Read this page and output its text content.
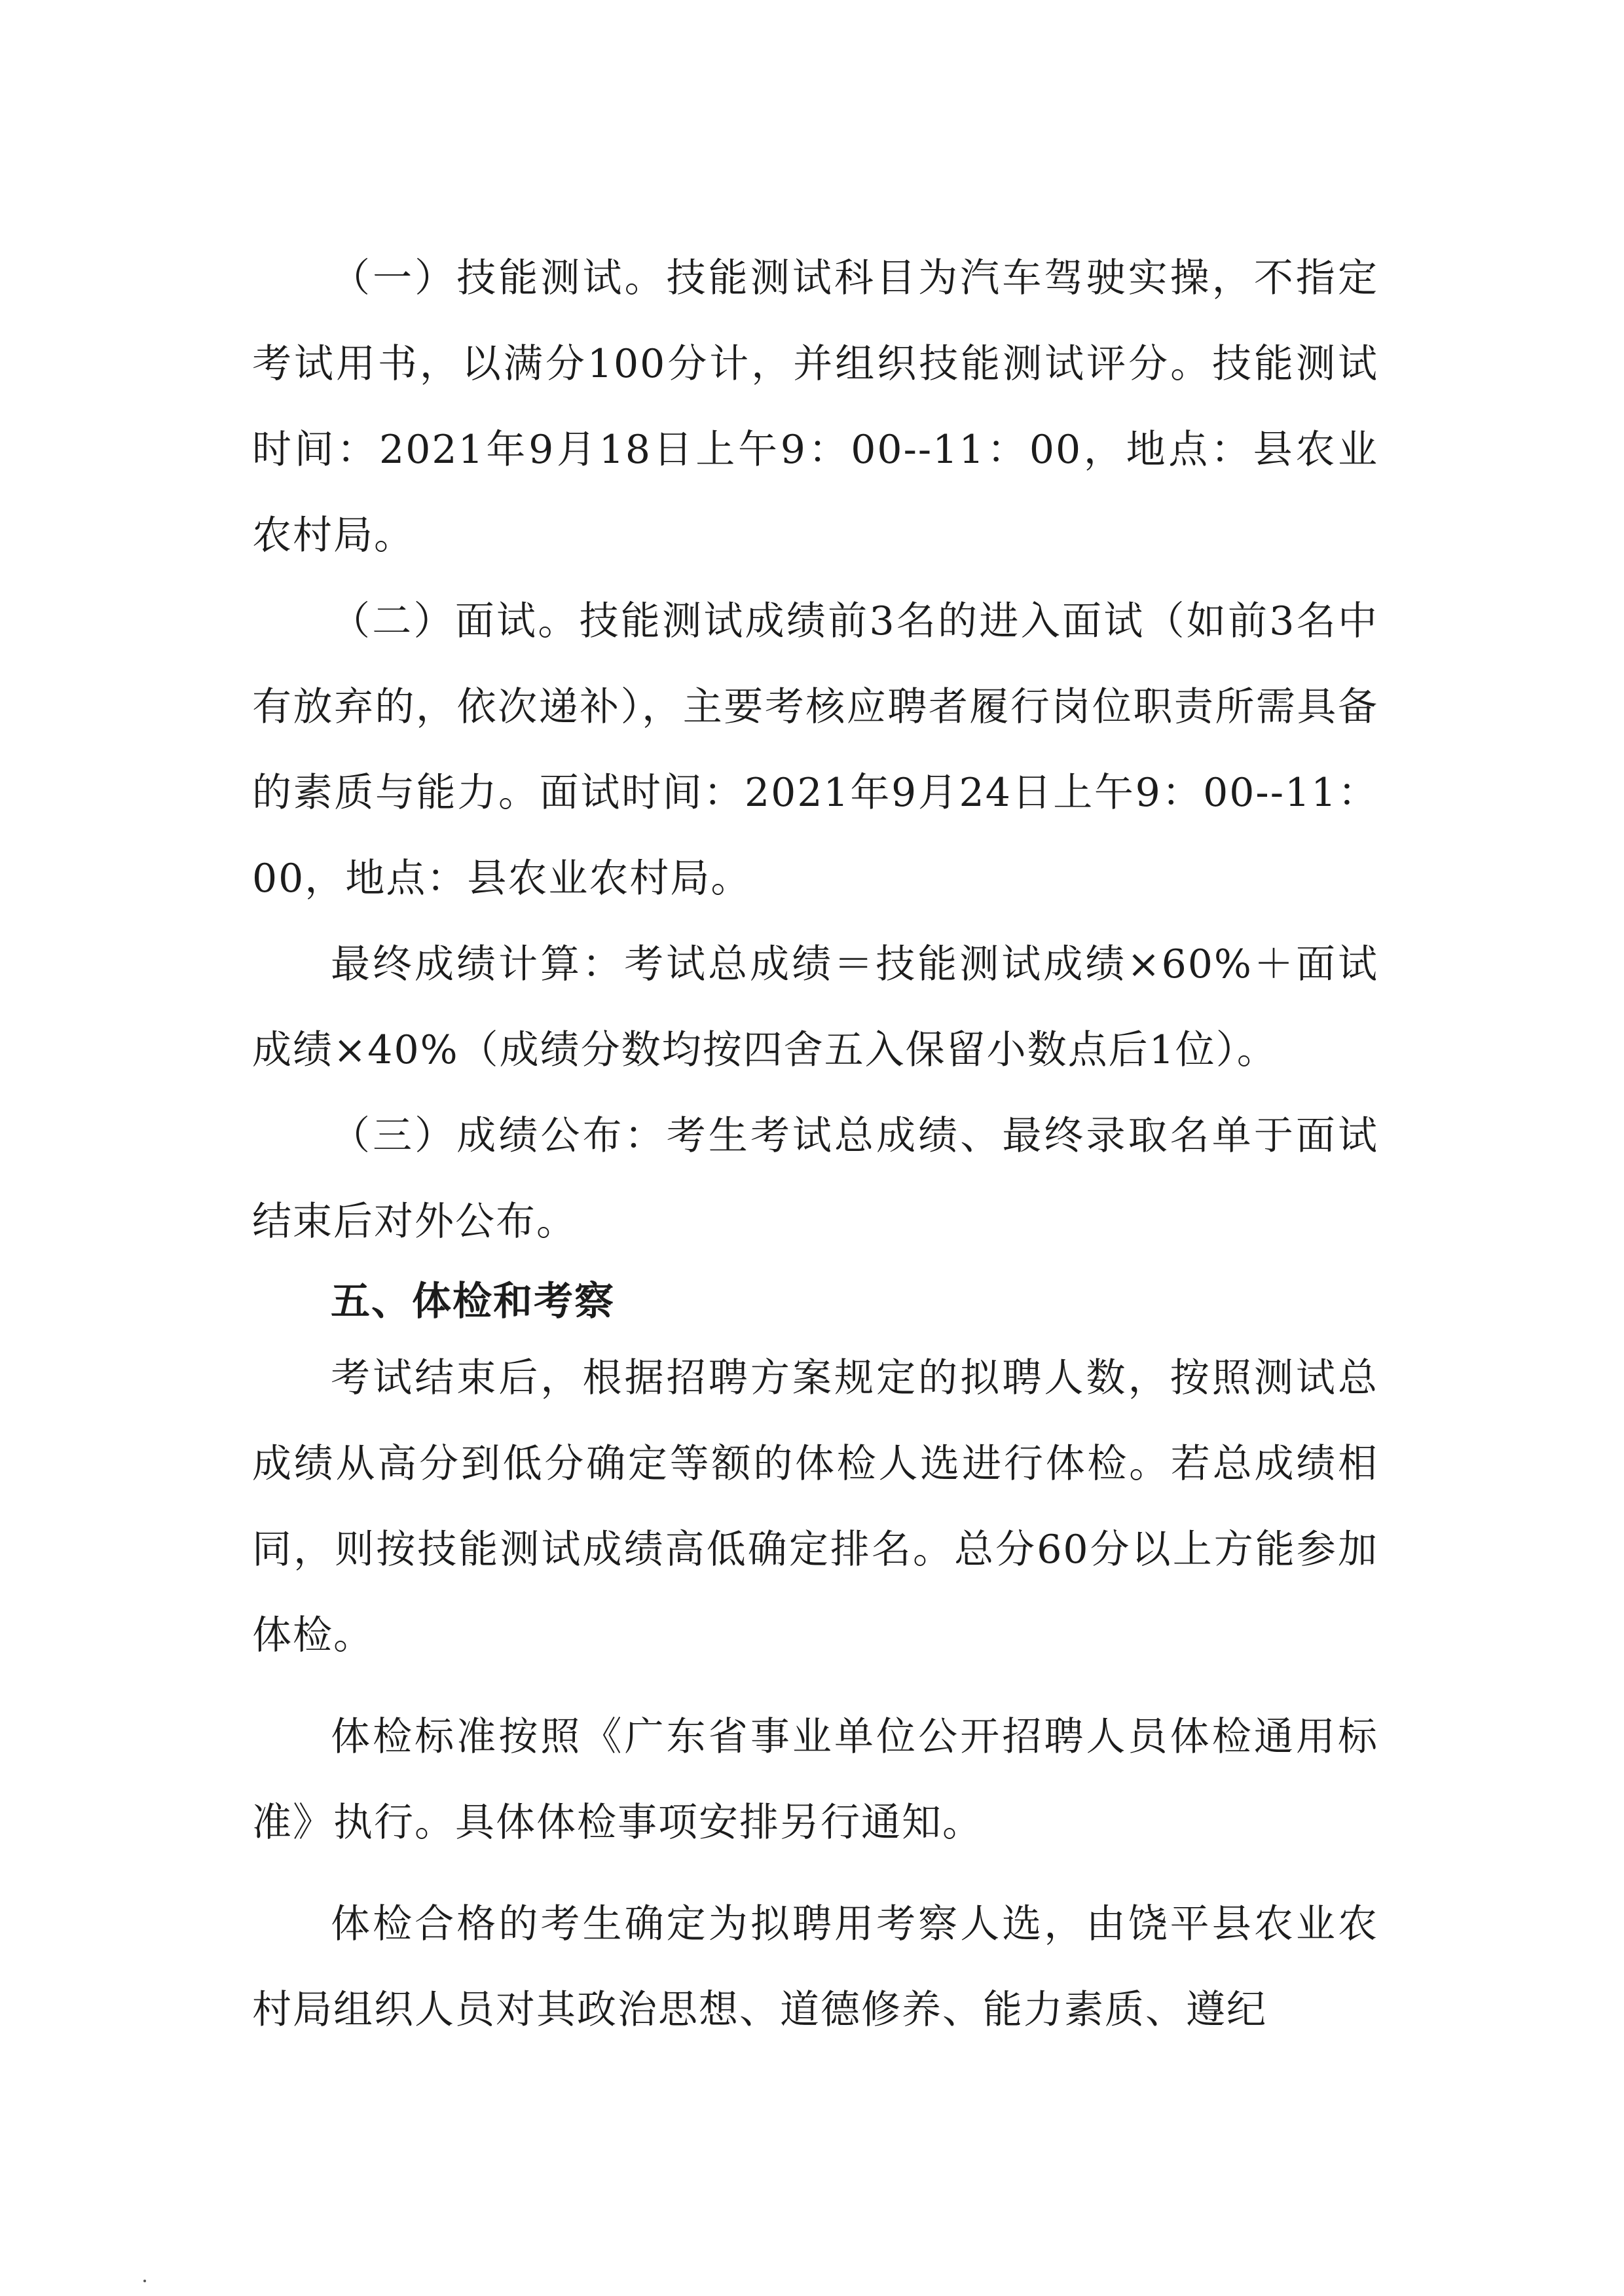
（一）技能测试。技能测试科目为汽车驾驶实操，不指定考试用书，以满分100分计，并组织技能测试评分。技能测试时间：2021年9月18日上午9：00--11：00，地点：县农业农村局。

（二）面试。技能测试成绩前3名的进入面试（如前3名中有放弃的，依次递补），主要考核应聘者履行岗位职责所需具备的素质与能力。面试时间：2021年9月24日上午9：00--11：00，地点：县农业农村局。

最终成绩计算：考试总成绩＝技能测试成绩×60%＋面试成绩×40%（成绩分数均按四舍五入保留小数点后1位）。

（三）成绩公布：考生考试总成绩、最终录取名单于面试结束后对外公布。

五、体检和考察

考试结束后，根据招聘方案规定的拟聘人数，按照测试总成绩从高分到低分确定等额的体检人选进行体检。若总成绩相同，则按技能测试成绩高低确定排名。总分60分以上方能参加体检。

体检标准按照《广东省事业单位公开招聘人员体检通用标准》执行。具体体检事项安排另行通知。

体检合格的考生确定为拟聘用考察人选，由饶平县农业农村局组织人员对其政治思想、道德修养、能力素质、遵纪
